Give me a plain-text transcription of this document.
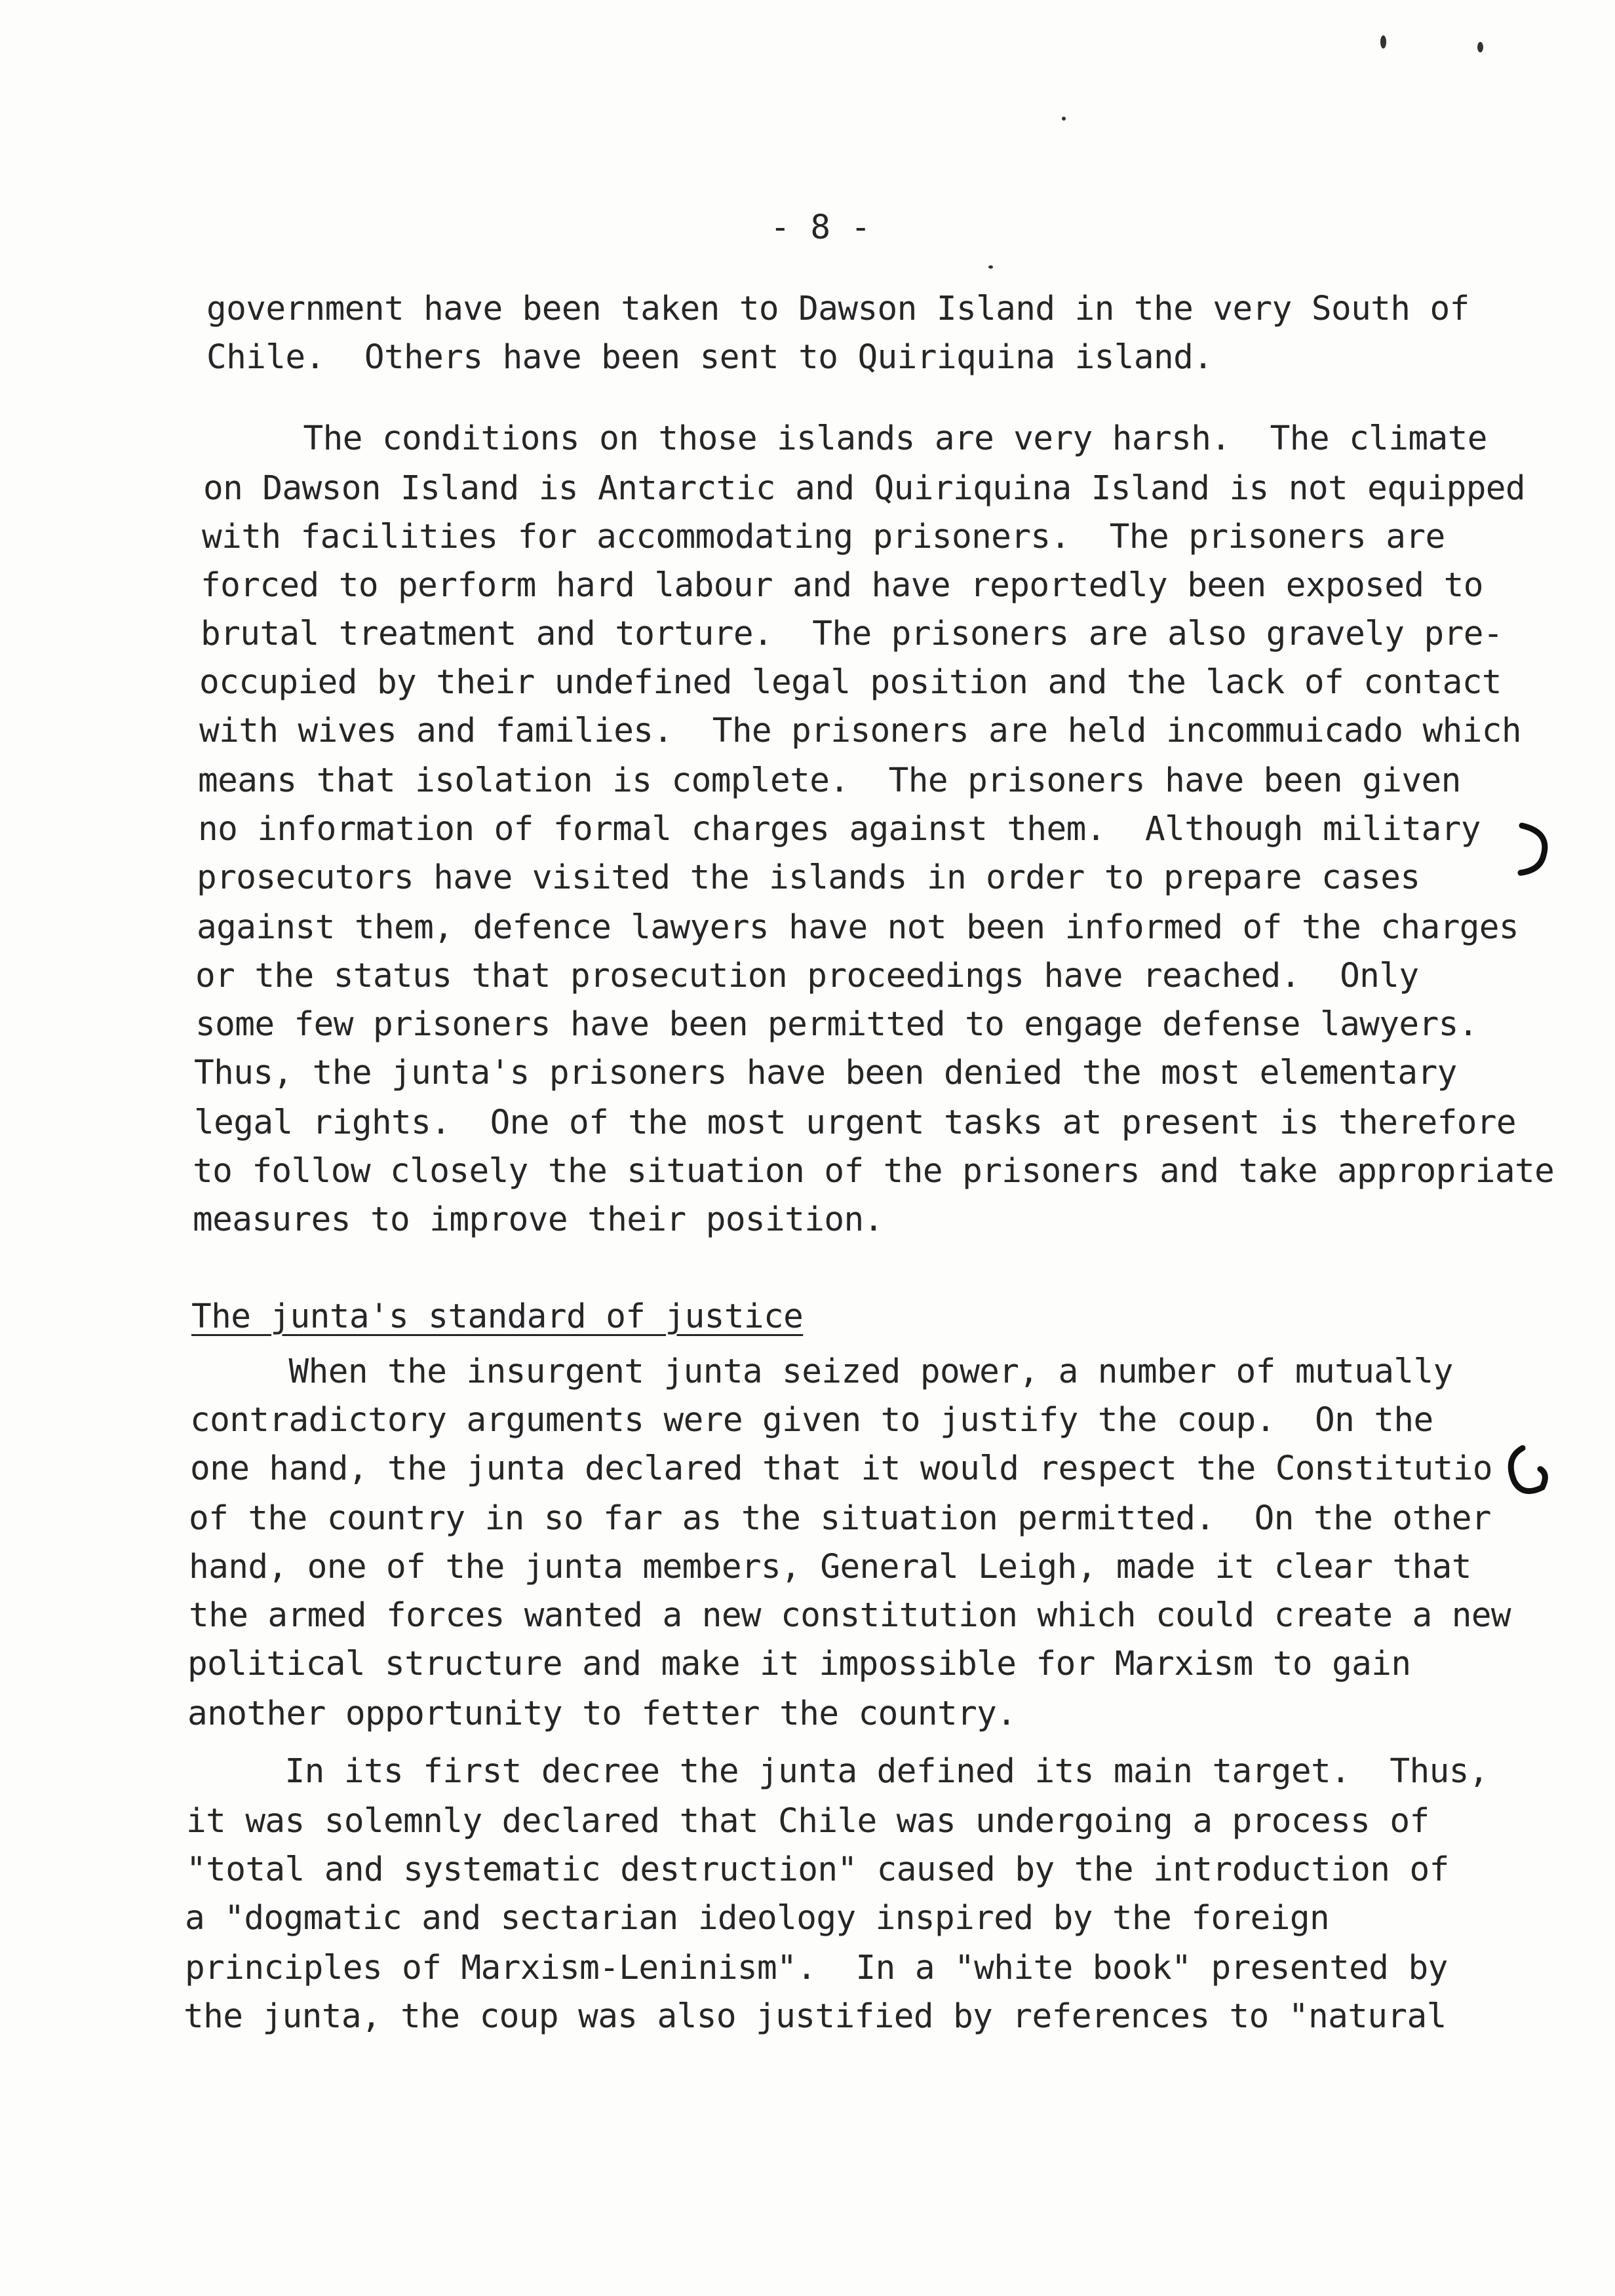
- 8 -
government have been taken to Dawson Island in the very South of
Chile.  Others have been sent to Quiriquina island.
The conditions on those islands are very harsh.  The climate
on Dawson Island is Antarctic and Quiriquina Island is not equipped
with facilities for accommodating prisoners.  The prisoners are
forced to perform hard labour and have reportedly been exposed to
brutal treatment and torture.  The prisoners are also gravely pre-
occupied by their undefined legal position and the lack of contact
with wives and families.  The prisoners are held incommuicado which
means that isolation is complete.  The prisoners have been given
no information of formal charges against them.  Although military
prosecutors have visited the islands in order to prepare cases
against them, defence lawyers have not been informed of the charges
or the status that prosecution proceedings have reached.  Only
some few prisoners have been permitted to engage defense lawyers.
Thus, the junta's prisoners have been denied the most elementary
legal rights.  One of the most urgent tasks at present is therefore
to follow closely the situation of the prisoners and take appropriate
measures to improve their position.
The junta's standard of justice
When the insurgent junta seized power, a number of mutually
contradictory arguments were given to justify the coup.  On the
one hand, the junta declared that it would respect the Constitutio
of the country in so far as the situation permitted.  On the other
hand, one of the junta members, General Leigh, made it clear that
the armed forces wanted a new constitution which could create a new
political structure and make it impossible for Marxism to gain
another opportunity to fetter the country.
In its first decree the junta defined its main target.  Thus,
it was solemnly declared that Chile was undergoing a process of
"total and systematic destruction" caused by the introduction of
a "dogmatic and sectarian ideology inspired by the foreign
principles of Marxism-Leninism".  In a "white book" presented by
the junta, the coup was also justified by references to "natural
